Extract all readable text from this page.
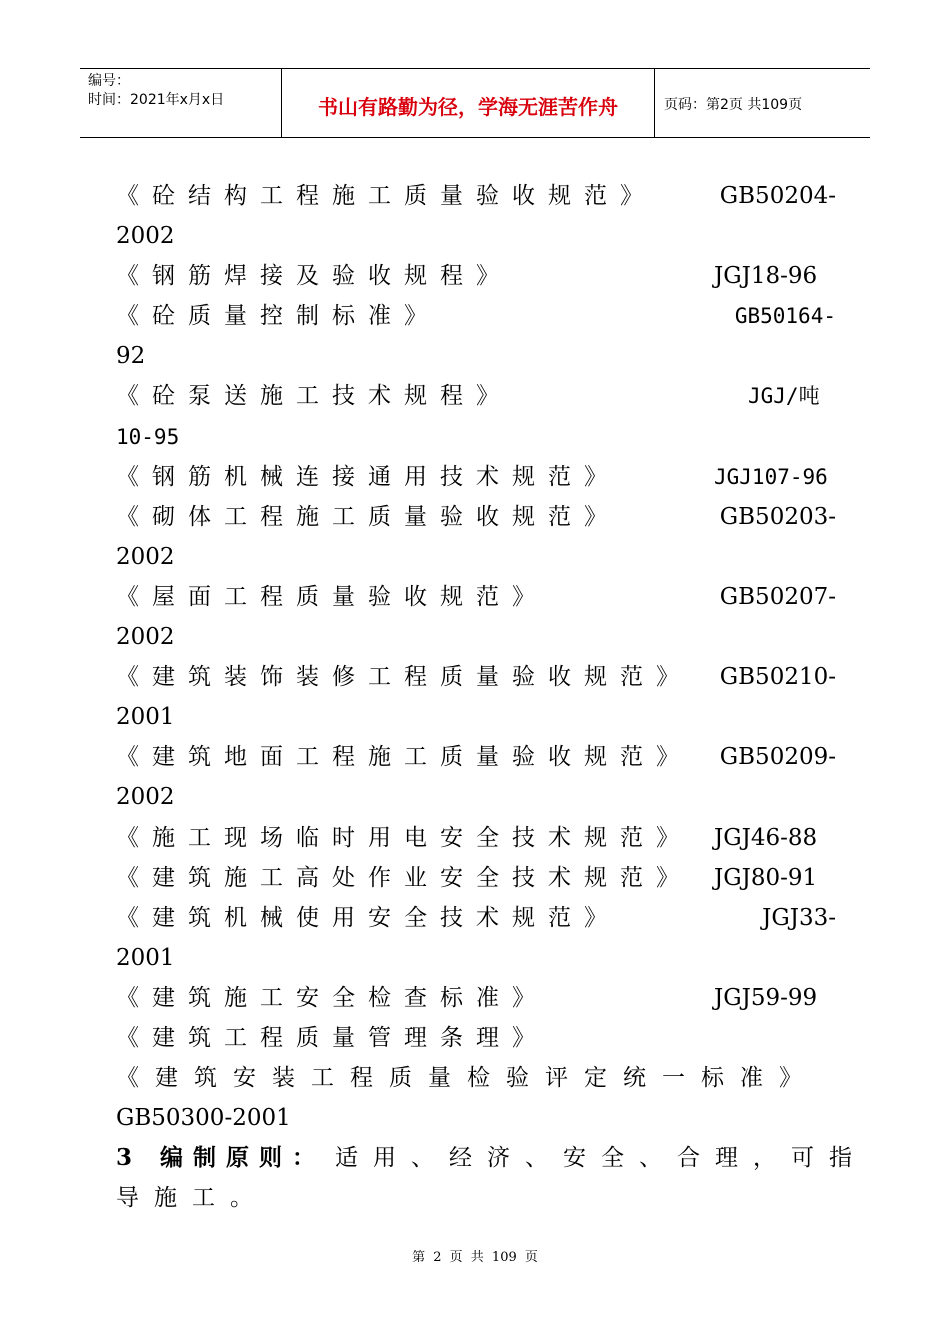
编号：
时间：2021年x月x日	书山有路勤为径，学海无涯苦作舟	页码：第2页 共109页
《砼结构工程施工质量验收规范》	GB50204-
2002
《钢筋焊接及验收规程》	JGJ18-96
《砼质量控制标准》	GB50164-
92
《砼泵送施工技术规程》	JGJ/吨
10-95
《钢筋机械连接通用技术规范》	JGJ107-96
《砌体工程施工质量验收规范》	GB50203-
2002
《屋面工程质量验收规范》	GB50207-
2002
《建筑装饰装修工程质量验收规范》 GB50210-
2001
《建筑地面工程施工质量验收规范》 GB50209-
2002
《施工现场临时用电安全技术规范》 JGJ46-88
《建筑施工高处作业安全技术规范》 JGJ80-91
《建筑机械使用安全技术规范》	JGJ33-
2001
《建筑施工安全检查标准》	JGJ59-99
《建筑工程质量管理条理》
《建筑安装工程质量检验评定统一标准》
GB50300-2001
3 编制原则： 适用、经济、安全、合理，可指
导施工。
第 2 页 共 109 页
